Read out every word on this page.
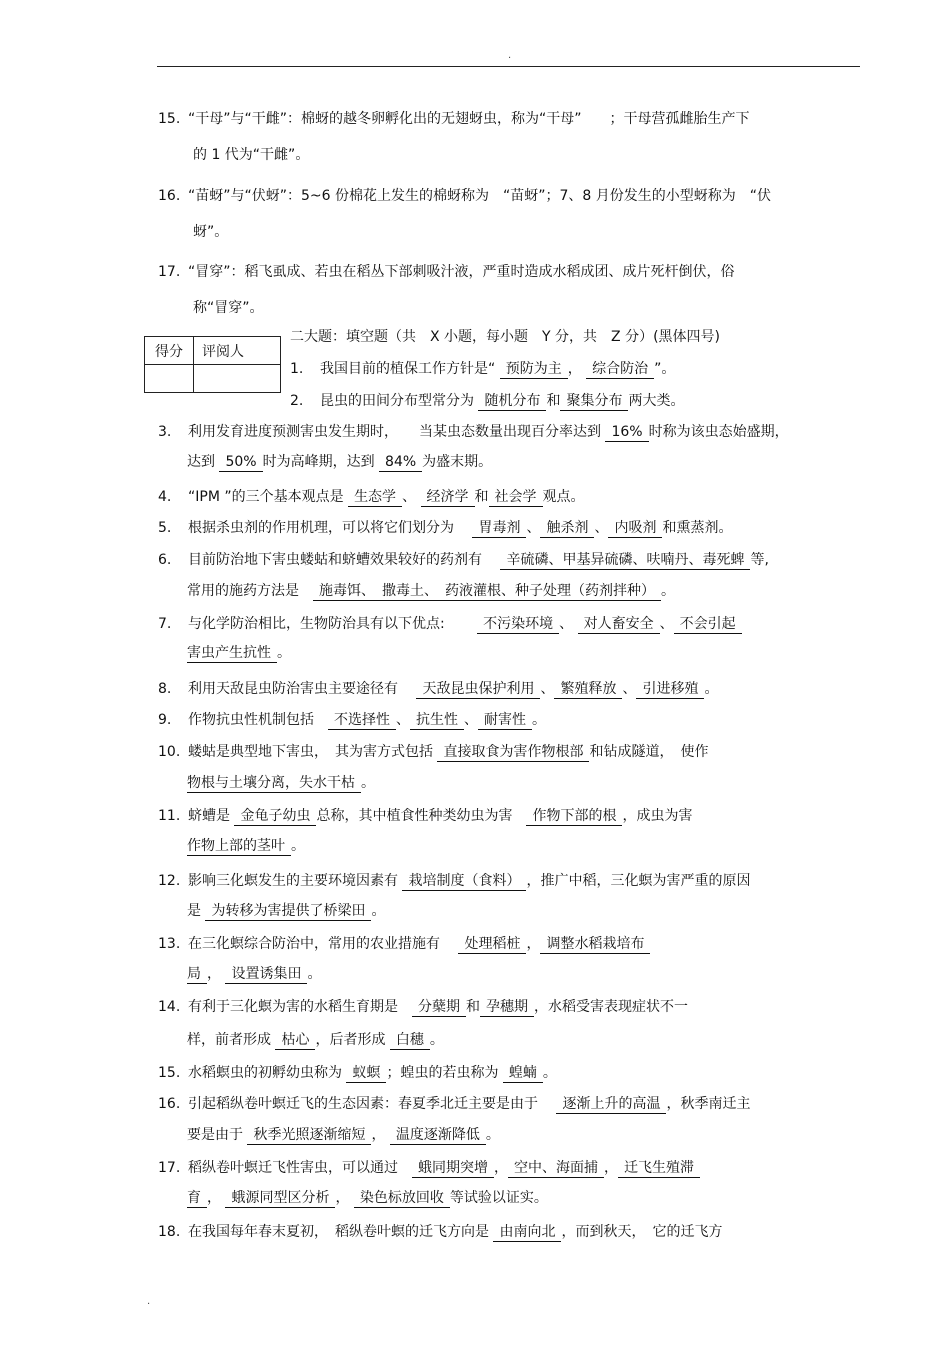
.
15. “干母”与“干雌”：棉蚜的越冬卵孵化出的无翅蚜虫，称为“干母”　　；干母营孤雌胎生产下
的 1 代为“干雌”。
16. “苗蚜”与“伏蚜”：5~6 份棉花上发生的棉蚜称为　“苗蚜”；7、8 月份发生的小型蚜称为　“伏
蚜”。
17. “冒穿”：稻飞虱成、若虫在稻丛下部刺吸汁液，严重时造成水稻成团、成片死杆倒伏，俗
称“冒穿”。
得分	评阅人

二大题：填空题（共　X 小题，每小题　Y 分，共　Z 分）(黑体四号)
1. 我国目前的植保工作方针是“ 预防为主 ， 综合防治 ”。
2. 昆虫的田间分布型常分为 随机分布 和 聚集分布 两大类。
3. 利用发育进度预测害虫发生期时，　　当某虫态数量出现百分率达到 16% 时称为该虫态始盛期，
达到 50% 时为高峰期，达到 84% 为盛末期。
4. “IPM ”的三个基本观点是 生态学 、 经济学 和 社会学 观点。
5. 根据杀虫剂的作用机理，可以将它们划分为　 胃毒剂 、 触杀剂 、 内吸剂 和熏蒸剂。
6. 目前防治地下害虫蝼蛄和蛴螬效果较好的药剂有　 辛硫磷、甲基异硫磷、呋喃丹、毒死蜱 等,
常用的施药方法是　 施毒饵、　撒毒土、　药液灌根、种子处理（药剂拌种） 。
7. 与化学防治相比，生物防治具有以下优点:　　	不污染环境 、 对人畜安全 、 不会引起
害虫产生抗性 。
8. 利用天敌昆虫防治害虫主要途径有　 天敌昆虫保护利用 、 繁殖释放 、 引进移殖 。
9. 作物抗虫性机制包括　 不选择性 、 抗生性 、 耐害性 。
10. 蝼蛄是典型地下害虫，　其为害方式包括 直接取食为害作物根部 和钻成隧道，　使作
物根与土壤分离，失水干枯 。
11. 蛴螬是 金龟子幼虫 总称，其中植食性种类幼虫为害　 作物下部的根 ，成虫为害
作物上部的茎叶 。
12. 影响三化螟发生的主要环境因素有 栽培制度（食料） ，推广中稻，三化螟为害严重的原因
是 为转移为害提供了桥梁田 。
13. 在三化螟综合防治中，常用的农业措施有　 处理稻桩 ， 调整水稻栽培布
局 ， 设置诱集田 。
14. 有利于三化螟为害的水稻生育期是　 分蘖期 和 孕穗期 ，水稻受害表现症状不一
样，前者形成 枯心 ，后者形成 白穗 。
15. 水稻螟虫的初孵幼虫称为 蚁螟 ；蝗虫的若虫称为 蝗蝻 。
16. 引起稻纵卷叶螟迁飞的生态因素：春夏季北迁主要是由于　 逐渐上升的高温 ，秋季南迁主
要是由于 秋季光照逐渐缩短 ， 温度逐渐降低 。
17. 稻纵卷叶螟迁飞性害虫，可以通过　 蛾同期突增 ， 空中、海面捕 ， 迁飞生殖滞
育 ， 蛾源同型区分析 ， 染色标放回收 等试验以证实。
18. 在我国每年春末夏初，　稻纵卷叶螟的迁飞方向是 由南向北 ，而到秋天，　它的迁飞方
.
